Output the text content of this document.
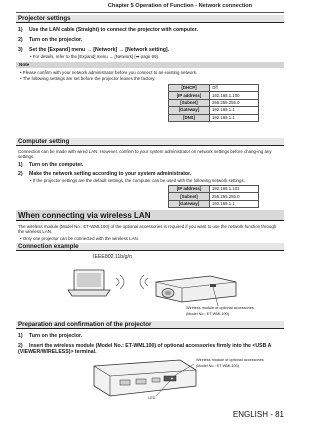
Chapter 5 Operation of Function - Network connection
Projector settings
1) Use the LAN cable (Straight) to connect the projector with computer.
2) Turn on the projector.
3) Set the [Expand] menu → [Network] → [Network setting].
• For details, refer to the [Expand] menu → [Network] (➡ page 69).
Note
• Please confirm with your network administrator before you connect to an existing network.
• The following settings are set before the projector leaves the factory.
[DHCP]	Off
[IP address]	192.168.1.100
[Subnet]	255.255.255.0
[Gateway]	192.168.1.1
[DNS]	192.168.1.1
Computer setting
Connection can be made with wired LAN. However, confirm to your system administrator on network settings before chang-ing any settings.
1) Turn on the computer.
2) Make the network setting according to your system administrator.
• If the projector settings are the default settings, the computer can be used with the following network settings.
[IP address]	192.168.1.101
[Subnet]	255.255.255.0
[Gateway]	192.168.1.1
When connecting via wireless LAN
The wireless module (Model No.: ET-WML100) of the optional accessories is required if you want to use the network function through the wireless LAN.
• Only one projector can be connected with the wireless LAN.
Connection example
IEEE802.11b/g/n
Wireless module of optional accessories
(Model No.: ET-WML100)
Preparation and confirmation of the projector
1) Turn on the projector.
2) Insert the wireless module (Model No.: ET-WML100) of optional accessories firmly into the <USB A (VIEWER/WIRELESS)> terminal.
Wireless module of optional accessories
(Model No.: ET-WML100)
LED
ENGLISH - 81
